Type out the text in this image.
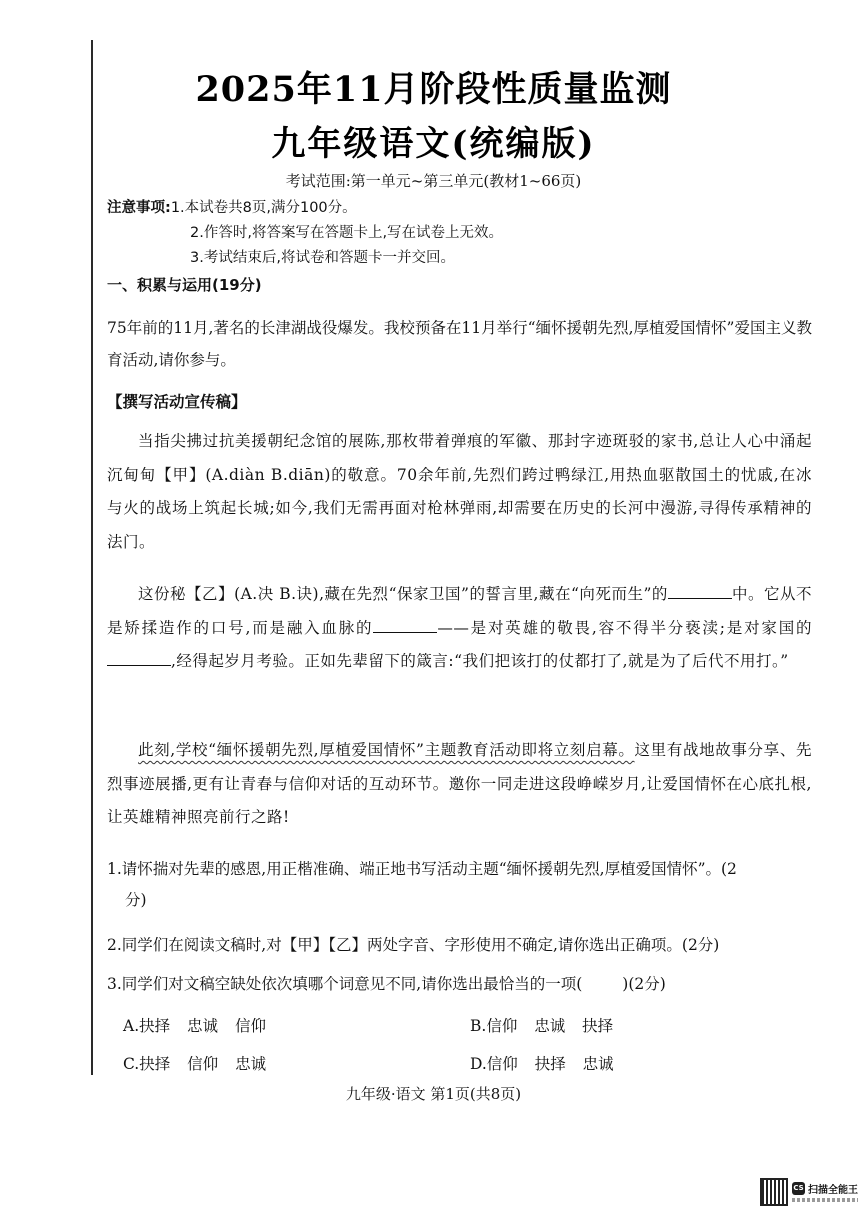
2025年11月阶段性质量监测
九年级语文(统编版)
考试范围:第一单元~第三单元(教材1~66页)
注意事项:1.本试卷共8页,满分100分。
2.作答时,将答案写在答题卡上,写在试卷上无效。
3.考试结束后,将试卷和答题卡一并交回。
一、积累与运用(19分)

75年前的11月,著名的长津湖战役爆发。我校预备在11月举行“缅怀援朝先烈,厚植爱国情怀”爱国主义教育活动,请你参与。

【撰写活动宣传稿】

当指尖拂过抗美援朝纪念馆的展陈,那枚带着弹痕的军徽、那封字迹斑驳的家书,总让人心中涌起沉甸甸【甲】(A.diàn B.diān)的敬意。70余年前,先烈们跨过鸭绿江,用热血驱散国土的忧戚,在冰与火的战场上筑起长城;如今,我们无需再面对枪林弹雨,却需要在历史的长河中漫游,寻得传承精神的法门。

这份秘【乙】(A.决 B.诀),藏在先烈“保家卫国”的誓言里,藏在“向死而生”的	中。它从不是矫揉造作的口号,而是融入血脉的	——是对英雄的敬畏,容不得半分亵渎;是对家国的,经得起岁月考验。正如先辈留下的箴言:“我们把该打的仗都打了,就是为了后代不用打。”

此刻,学校“缅怀援朝先烈,厚植爱国情怀”主题教育活动即将立刻启幕。这里有战地故事分享、先烈事迹展播,更有让青春与信仰对话的互动环节。邀你一同走进这段峥嵘岁月,让爱国情怀在心底扎根,让英雄精神照亮前行之路!

1.请怀揣对先辈的感恩,用正楷准确、端正地书写活动主题“缅怀援朝先烈,厚植爱国情怀”。(2
分)
2.同学们在阅读文稿时,对【甲】【乙】两处字音、字形使用不确定,请你选出正确项。(2分)
3.同学们对文稿空缺处依次填哪个词意见不同,请你选出最恰当的一项(	)(2分)
A.抉择 忠诚 信仰	B.信仰 忠诚 抉择
C.抉择 信仰 忠诚	D.信仰 抉择 忠诚
九年级·语文 第1页(共8页)
CS 扫描全能王
